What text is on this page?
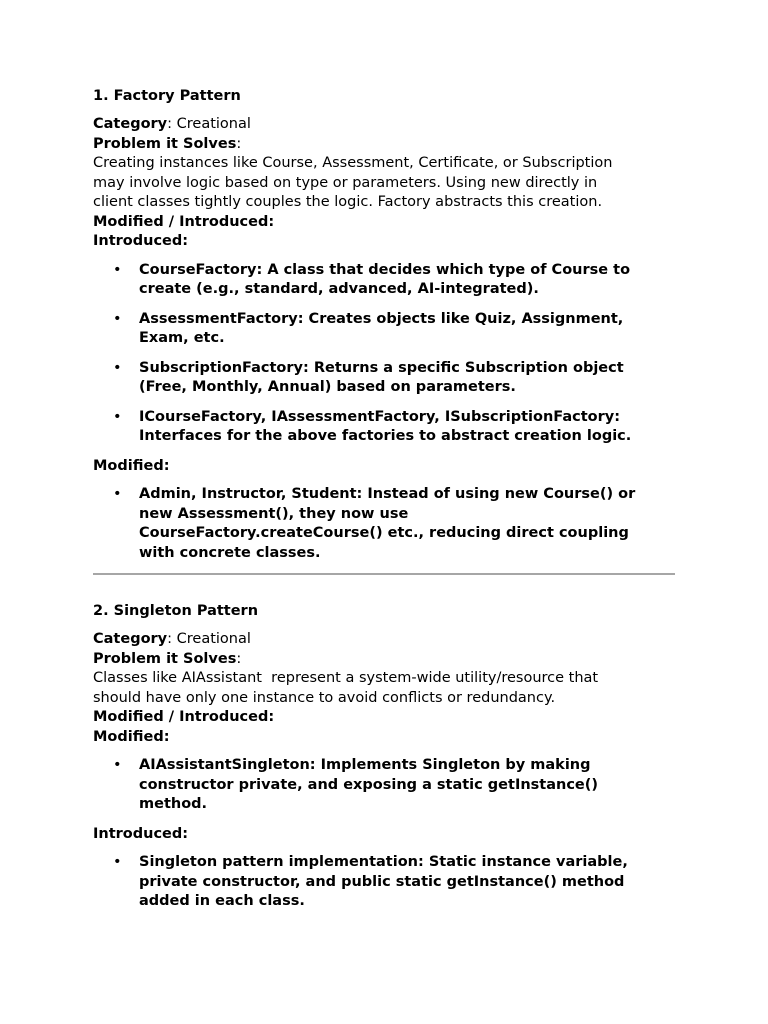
1. Factory Pattern
Category: Creational
Problem it Solves:
Creating instances like Course, Assessment, Certificate, or Subscription
may involve logic based on type or parameters. Using new directly in
client classes tightly couples the logic. Factory abstracts this creation.
Modified / Introduced:
Introduced:
• CourseFactory: A class that decides which type of Course to
create (e.g., standard, advanced, AI-integrated).
• AssessmentFactory: Creates objects like Quiz, Assignment,
Exam, etc.
• SubscriptionFactory: Returns a specific Subscription object
(Free, Monthly, Annual) based on parameters.
• ICourseFactory, IAssessmentFactory, ISubscriptionFactory:
Interfaces for the above factories to abstract creation logic.
Modified:
• Admin, Instructor, Student: Instead of using new Course() or
new Assessment(), they now use
CourseFactory.createCourse() etc., reducing direct coupling
with concrete classes.
2. Singleton Pattern
Category: Creational
Problem it Solves:
Classes like AIAssistant  represent a system-wide utility/resource that
should have only one instance to avoid conflicts or redundancy.
Modified / Introduced:
Modified:
• AIAssistantSingleton: Implements Singleton by making
constructor private, and exposing a static getInstance()
method.
Introduced:
• Singleton pattern implementation: Static instance variable,
private constructor, and public static getInstance() method
added in each class.
